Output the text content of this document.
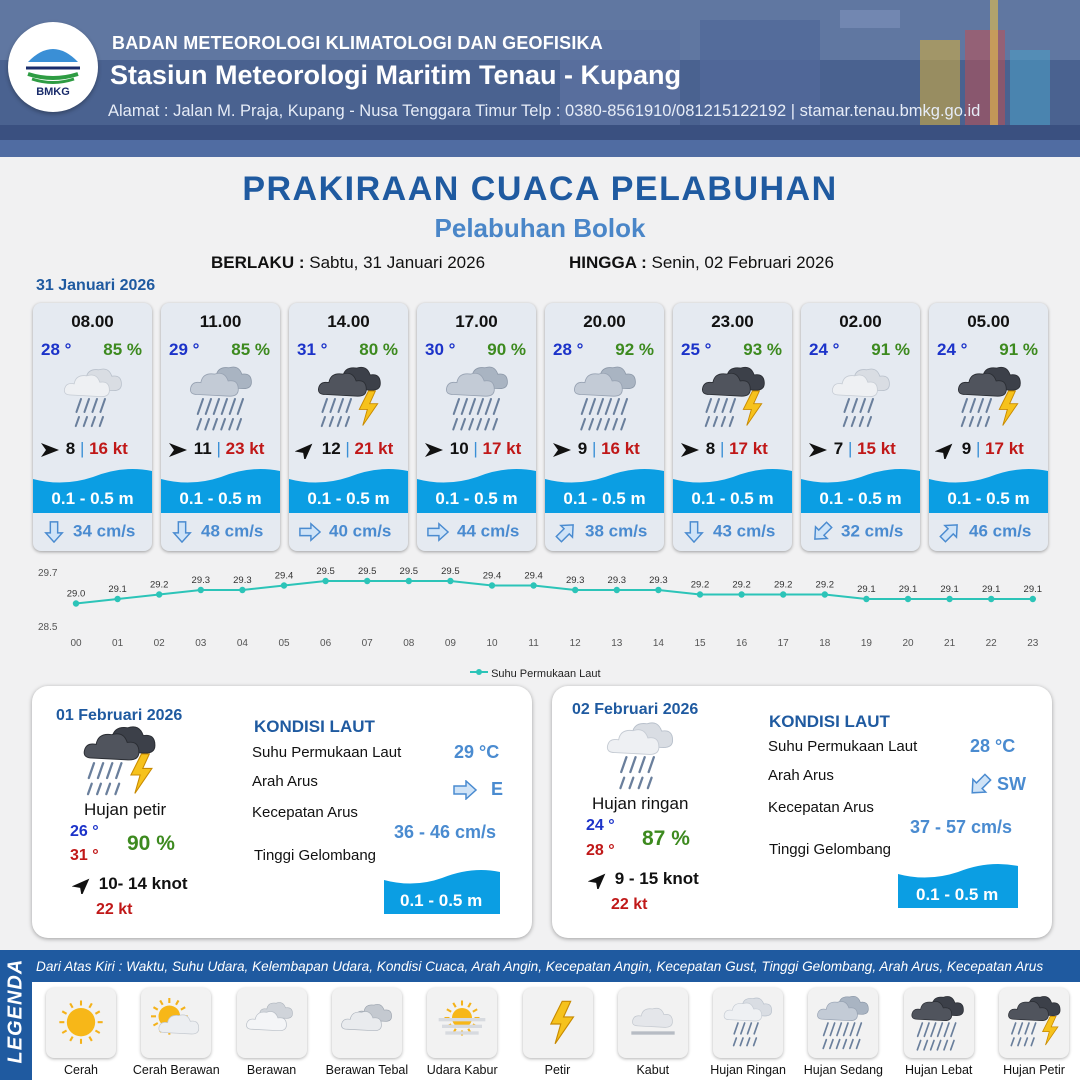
BMKG
BADAN METEOROLOGI KLIMATOLOGI DAN GEOFISIKA
Stasiun Meteorologi Maritim Tenau - Kupang
Alamat : Jalan M. Praja, Kupang - Nusa Tenggara Timur Telp : 0380-8561910/081215122192 | stamar.tenau.bmkg.go.id
PRAKIRAAN CUACA PELABUHAN
Pelabuhan Bolok
BERLAKU : Sabtu, 31 Januari 2026	HINGGA : Senin, 02 Februari 2026
31 Januari 2026
08.00
28 ° 85 %
8 | 16 kt
0.1 - 0.5 m
34 cm/s
11.00
29 ° 85 %
11 | 23 kt
0.1 - 0.5 m
48 cm/s
14.00
31 ° 80 %
12 | 21 kt
0.1 - 0.5 m
40 cm/s
17.00
30 ° 90 %
10 | 17 kt
0.1 - 0.5 m
44 cm/s
20.00
28 ° 92 %
9 | 16 kt
0.1 - 0.5 m
38 cm/s
23.00
25 ° 93 %
8 | 17 kt
0.1 - 0.5 m
43 cm/s
02.00
24 ° 91 %
7 | 15 kt
0.1 - 0.5 m
32 cm/s
05.00
24 ° 91 %
9 | 17 kt
0.1 - 0.5 m
46 cm/s
29.7
28.5
29.0
00
29.1
01
29.2
02
29.3
03
29.3
04
29.4
05
29.5
06
29.5
07
29.5
08
29.5
09
29.4
10
29.4
11
29.3
12
29.3
13
29.3
14
29.2
15
29.2
16
29.2
17
29.2
18
29.1
19
29.1
20
29.1
21
29.1
22
29.1
23
Suhu Permukaan Laut
01 Februari 2026
Hujan petir
26 °
31 °
90 %
10- 14 knot
22 kt
KONDISI LAUT
Suhu Permukaan Laut	29 °C
Arah Arus	E
Kecepatan Arus
36 - 46 cm/s
Tinggi Gelombang
0.1 - 0.5 m
02 Februari 2026
Hujan ringan
24 °
28 °
87 %
9 - 15 knot
22 kt
KONDISI LAUT
Suhu Permukaan Laut	28 °C
Arah Arus	SW
Kecepatan Arus
37 - 57 cm/s
Tinggi Gelombang
0.1 - 0.5 m
LEGENDA Dari Atas Kiri : Waktu, Suhu Udara, Kelembapan Udara, Kondisi Cuaca, Arah Angin, Kecepatan Angin, Kecepatan Gust, Tinggi Gelombang, Arah Arus, Kecepatan Arus
Cerah	Cerah Berawan	Berawan	Berawan Tebal	Udara Kabur	Petir	Kabut	Hujan Ringan	Hujan Sedang	Hujan Lebat	Hujan Petir
